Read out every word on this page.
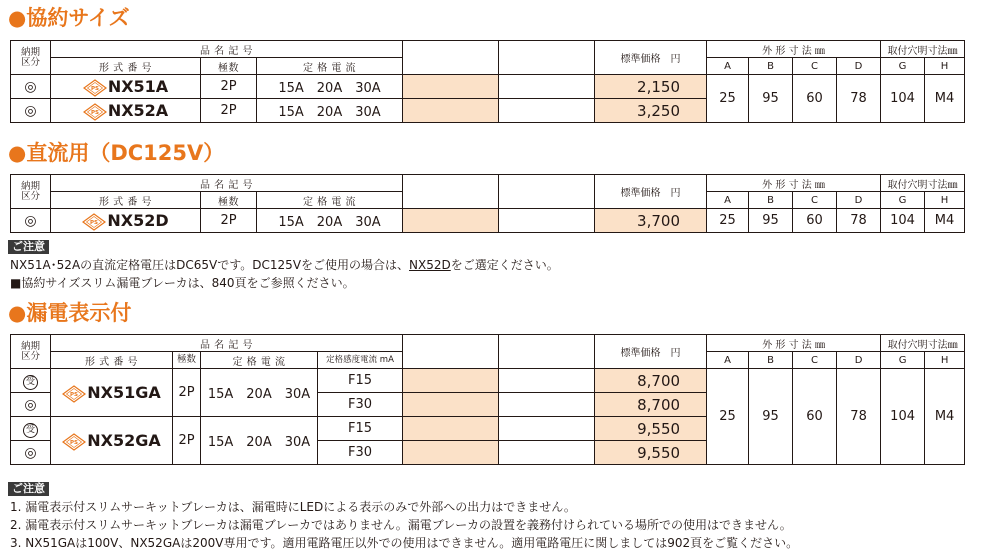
●協約サイズ
納期
区分	品 名 記 号					標準価格　 円	外 形 寸 法 ㎜				取付穴明寸法㎜	
	形 式 番 号	極数	定 格 電 流				A	B	C	D	G	H
◎	PS NX51A	2P	15A　20A　30A			2,150	25	95	60	78	104	M4
◎	PS NX52A	2P	15A　20A　30A			3,250						
●直流用（DC125V）
納期
区分	品 名 記 号					標準価格　 円	外 形 寸 法 ㎜				取付穴明寸法㎜	
	形 式 番 号	極数	定 格 電 流				A	B	C	D	G	H
◎	PS NX52D	2P	15A　20A　30A			3,700	25	95	60	78	104	M4
ご注意
NX51A･52Aの直流定格電圧はDC65Vです。DC125Vをご使用の場合は、NX52Dをご選定ください。
■協約サイズスリム漏電ブレーカは、840頁をご参照ください。
●漏電表示付
納期
区分	品 名 記 号						標準価格　 円	外 形 寸 法 ㎜				取付穴明寸法㎜	
	形 式 番 号	極数	定 格 電 流	定格感度電流 mA				A	B	C	D	G	H
受	PS NX51GA	2P	15A　20A　30A	F15			8,700	25	95	60	78	104	M4
◎				F30			8,700						
受	PS NX52GA	2P	15A　20A　30A	F15			9,550						
◎				F30			9,550						
ご注意
1. 漏電表示付スリムサーキットブレーカは、漏電時にLEDによる表示のみで外部への出力はできません。
2. 漏電表示付スリムサーキットブレーカは漏電ブレーカではありません。漏電ブレーカの設置を義務付けられている場所での使用はできません。
3. NX51GAは100V、NX52GAは200V専用です。適用電路電圧以外での使用はできません。適用電路電圧に関しましては902頁をご覧ください。
